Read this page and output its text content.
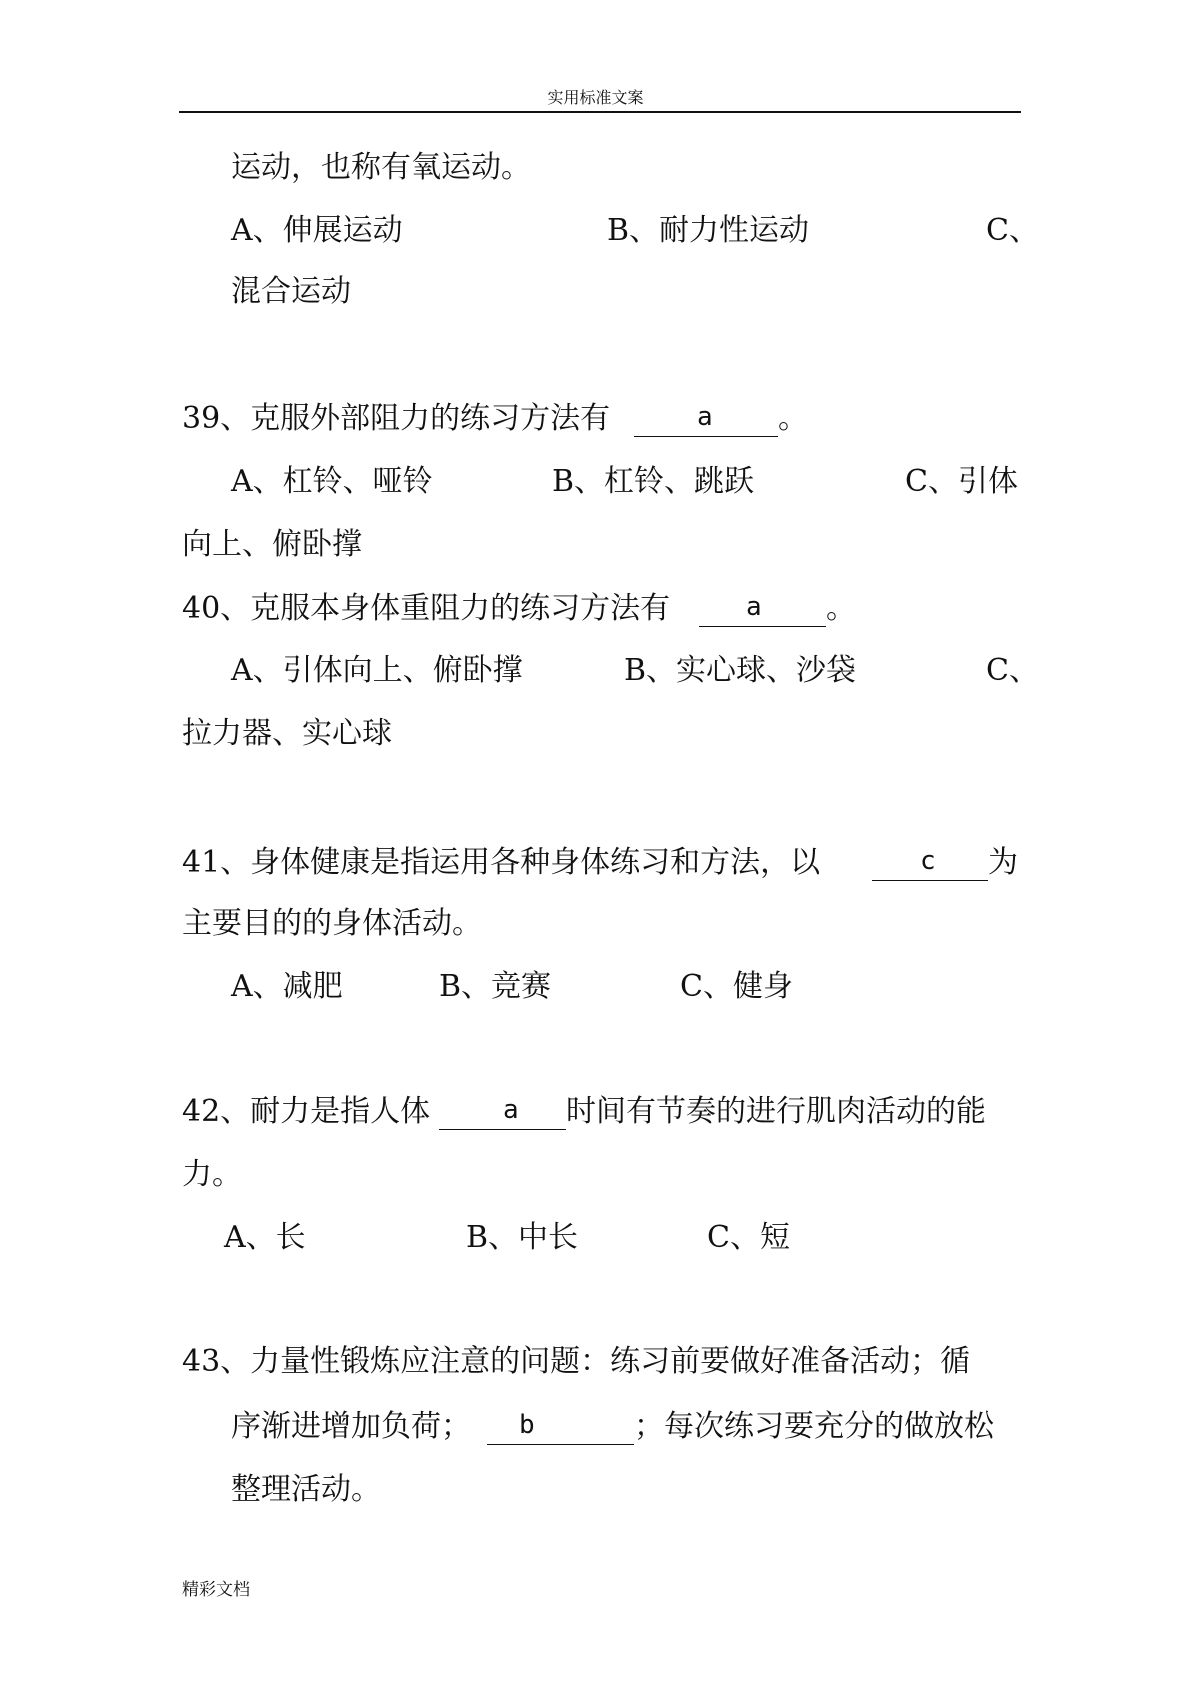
实用标准文案
运动，也称有氧运动。
A、伸展运动	B、耐力性运动	C、
混合运动
39、克服外部阻力的练习方法有	a 。
A、杠铃、哑铃	B、杠铃、跳跃	C、引体
向上、俯卧撑
40、克服本身体重阻力的练习方法有	a 。
A、引体向上、俯卧撑	B、实心球、沙袋	C、
拉力器、实心球
41、身体健康是指运用各种身体练习和方法，以	c 为
主要目的的身体活动。
A、减肥	B、竞赛	C、健身
42、耐力是指人体	a 时间有节奏的进行肌肉活动的能
力。
A、长	B、中长	C、短
43、力量性锻炼应注意的问题：练习前要做好准备活动；循
序渐进增加负荷； b	；每次练习要充分的做放松
整理活动。
精彩文档
